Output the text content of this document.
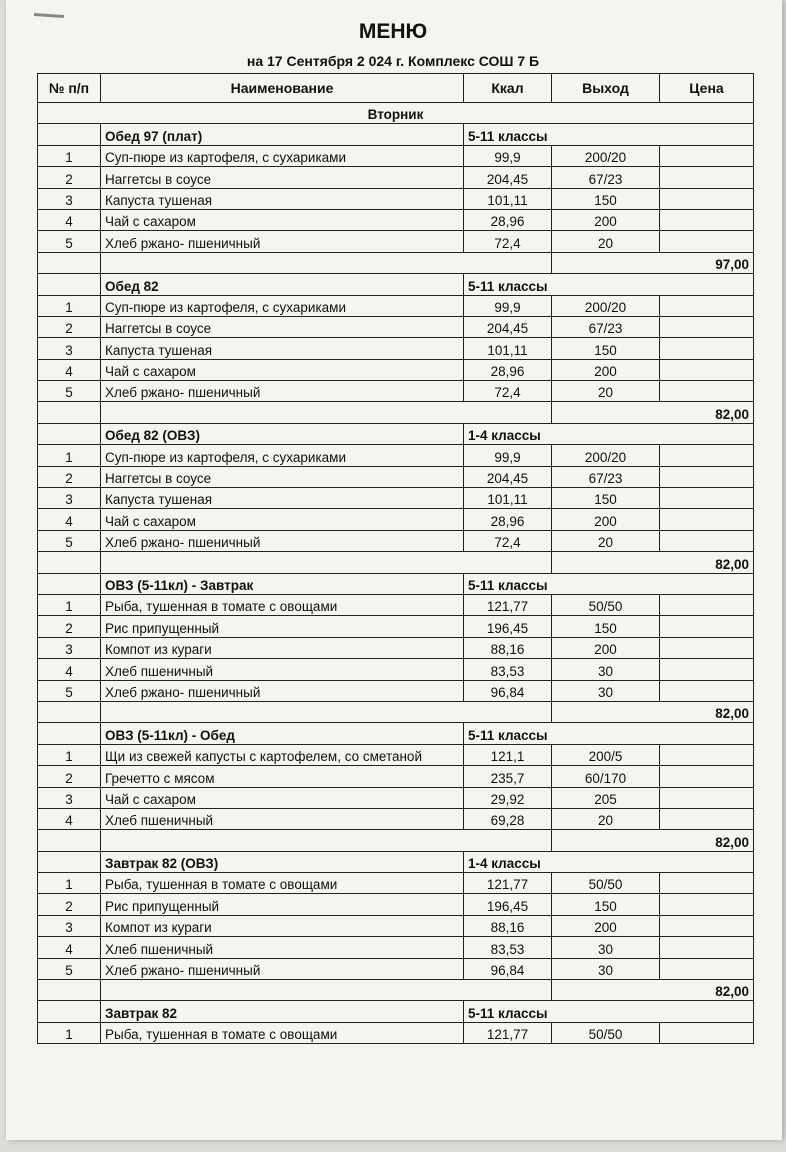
МЕНЮ
на 17 Сентября 2 024 г. Комплекс СОШ 7 Б
№ п/п	Наименование	Ккал	Выход	Цена
Вторник				
	Обед 97 (плат)	5-11 классы		
1	Суп-пюре из картофеля, с сухариками	99,9	200/20	
2	Наггетсы в соусе	204,45	67/23	
3	Капуста тушеная	101,11	150	
4	Чай с сахаром	28,96	200	
5	Хлеб ржано- пшеничный	72,4	20	
			97,00	
	Обед 82	5-11 классы		
1	Суп-пюре из картофеля, с сухариками	99,9	200/20	
2	Наггетсы в соусе	204,45	67/23	
3	Капуста тушеная	101,11	150	
4	Чай с сахаром	28,96	200	
5	Хлеб ржано- пшеничный	72,4	20	
			82,00	
	Обед 82 (ОВЗ)	1-4 классы		
1	Суп-пюре из картофеля, с сухариками	99,9	200/20	
2	Наггетсы в соусе	204,45	67/23	
3	Капуста тушеная	101,11	150	
4	Чай с сахаром	28,96	200	
5	Хлеб ржано- пшеничный	72,4	20	
			82,00	
	ОВЗ (5-11кл) - Завтрак	5-11 классы		
1	Рыба, тушенная в томате с овощами	121,77	50/50	
2	Рис припущенный	196,45	150	
3	Компот из кураги	88,16	200	
4	Хлеб пшеничный	83,53	30	
5	Хлеб ржано- пшеничный	96,84	30	
			82,00	
	ОВЗ (5-11кл) - Обед	5-11 классы		
1	Щи из свежей капусты с картофелем, со сметаной	121,1	200/5	
2	Гречетто с мясом	235,7	60/170	
3	Чай с сахаром	29,92	205	
4	Хлеб пшеничный	69,28	20	
			82,00	
	Завтрак 82 (ОВЗ)	1-4 классы		
1	Рыба, тушенная в томате с овощами	121,77	50/50	
2	Рис припущенный	196,45	150	
3	Компот из кураги	88,16	200	
4	Хлеб пшеничный	83,53	30	
5	Хлеб ржано- пшеничный	96,84	30	
			82,00	
	Завтрак 82	5-11 классы		
1	Рыба, тушенная в томате с овощами	121,77	50/50	
